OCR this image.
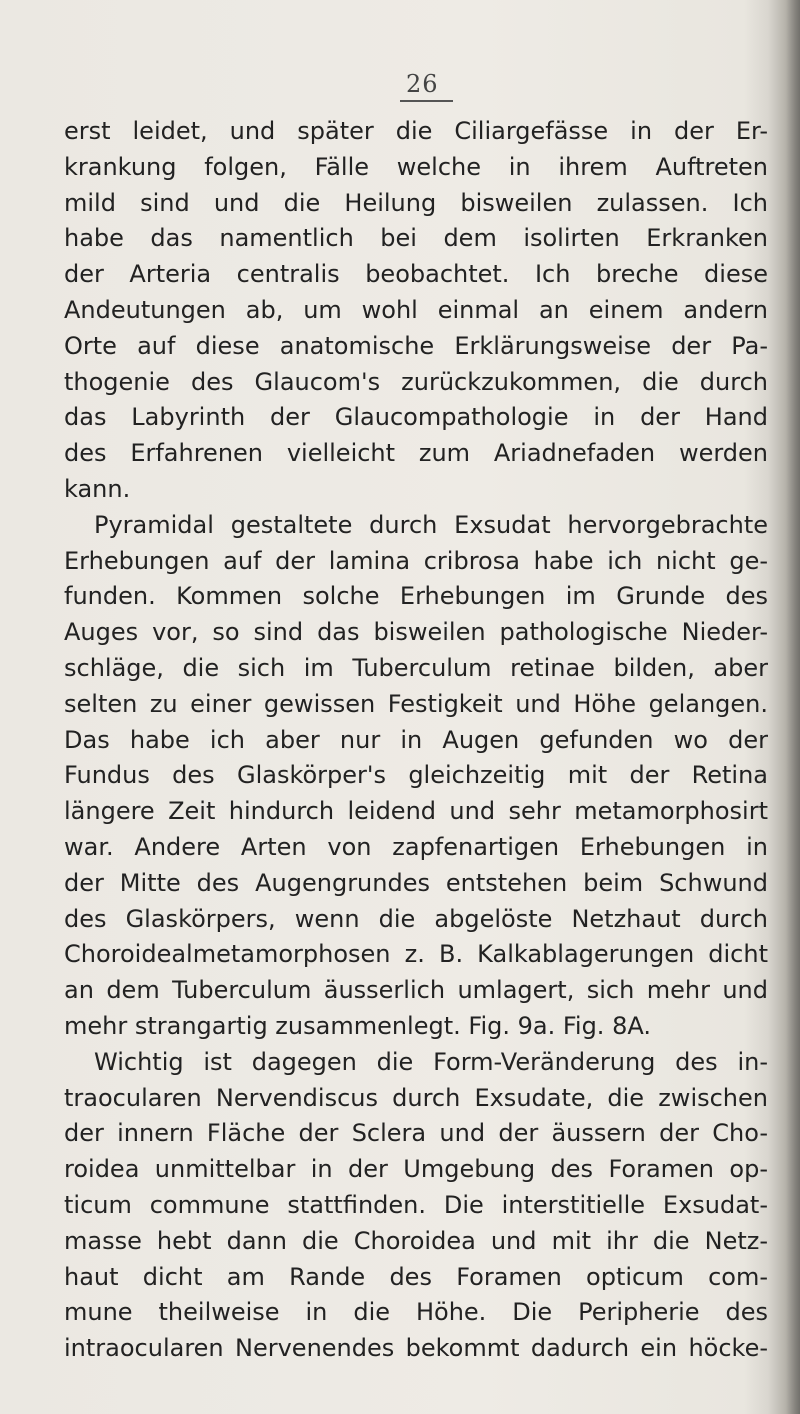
26
erst leidet, und später die Ciliargefässe in der Er-
krankung folgen, Fälle welche in ihrem Auftreten
mild sind und die Heilung bisweilen zulassen. Ich
habe das namentlich bei dem isolirten Erkranken
der Arteria centralis beobachtet. Ich breche diese
Andeutungen ab, um wohl einmal an einem andern
Orte auf diese anatomische Erklärungsweise der Pa-
thogenie des Glaucom's zurückzukommen, die durch
das Labyrinth der Glaucompathologie in der Hand
des Erfahrenen vielleicht zum Ariadnefaden werden
kann.
Pyramidal gestaltete durch Exsudat hervorgebrachte
Erhebungen auf der lamina cribrosa habe ich nicht ge-
funden. Kommen solche Erhebungen im Grunde des
Auges vor, so sind das bisweilen pathologische Nieder-
schläge, die sich im Tuberculum retinae bilden, aber
selten zu einer gewissen Festigkeit und Höhe gelangen.
Das habe ich aber nur in Augen gefunden wo der
Fundus des Glaskörper's gleichzeitig mit der Retina
längere Zeit hindurch leidend und sehr metamorphosirt
war. Andere Arten von zapfenartigen Erhebungen in
der Mitte des Augengrundes entstehen beim Schwund
des Glaskörpers, wenn die abgelöste Netzhaut durch
Choroidealmetamorphosen z. B. Kalkablagerungen dicht
an dem Tuberculum äusserlich umlagert, sich mehr und
mehr strangartig zusammenlegt. Fig. 9a. Fig. 8A.
Wichtig ist dagegen die Form-Veränderung des in-
traocularen Nervendiscus durch Exsudate, die zwischen
der innern Fläche der Sclera und der äussern der Cho-
roidea unmittelbar in der Umgebung des Foramen op-
ticum commune stattfinden. Die interstitielle Exsudat-
masse hebt dann die Choroidea und mit ihr die Netz-
haut dicht am Rande des Foramen opticum com-
mune theilweise in die Höhe. Die Peripherie des
intraocularen Nervenendes bekommt dadurch ein höcke-
